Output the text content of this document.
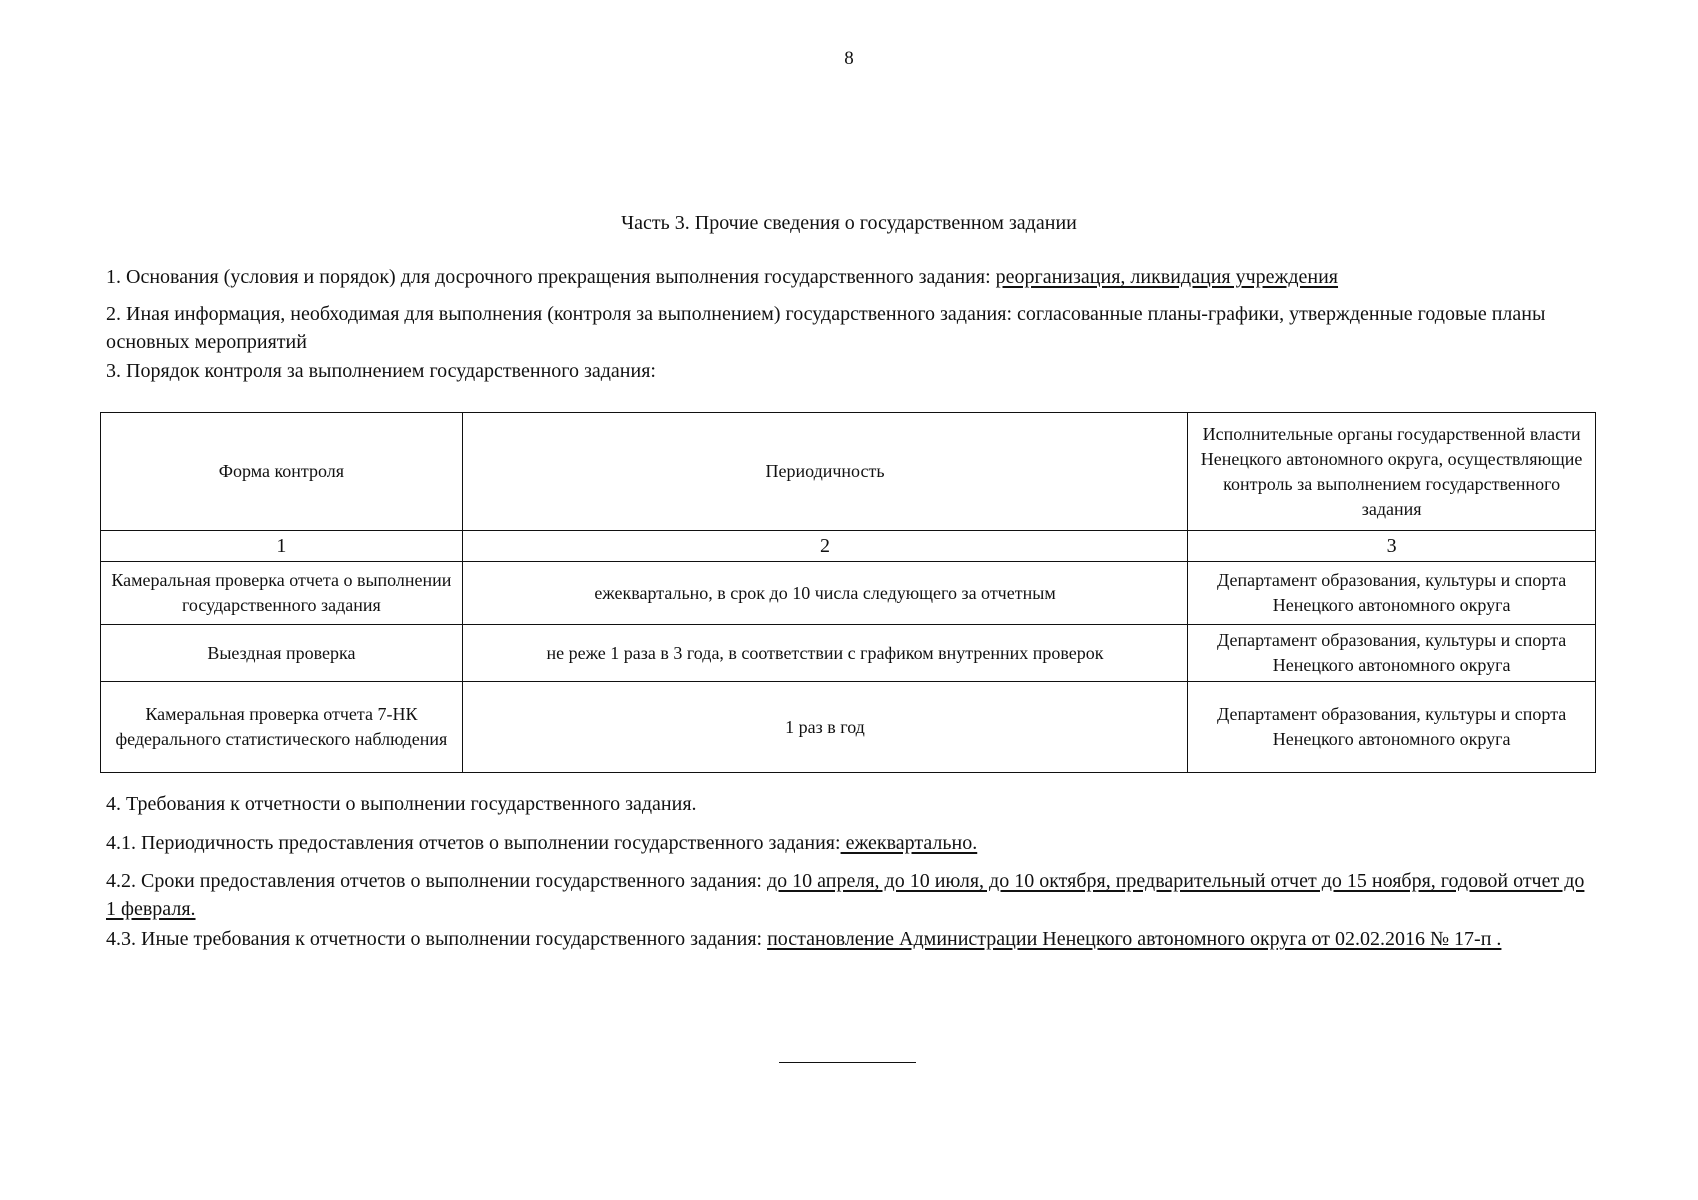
8
Часть 3. Прочие сведения о государственном задании
1. Основания (условия и порядок) для досрочного прекращения выполнения государственного задания: реорганизация, ликвидация учреждения
2. Иная информация, необходимая для выполнения (контроля за выполнением) государственного задания: согласованные планы-графики, утвержденные годовые планы основных мероприятий
3. Порядок контроля за выполнением государственного задания:
Форма контроля	Периодичность	Исполнительные органы государственной власти Ненецкого автономного округа, осуществляющие контроль за выполнением государственного задания
1	2	3
Камеральная проверка отчета о выполнении государственного задания	ежеквартально, в срок до 10 числа следующего за отчетным	Департамент образования, культуры и спорта Ненецкого автономного округа
Выездная проверка	не реже 1 раза в 3 года, в соответствии с графиком внутренних проверок	Департамент образования, культуры и спорта Ненецкого автономного округа
Камеральная проверка отчета 7-НК федерального статистического наблюдения	1 раз в год	Департамент образования, культуры и спорта Ненецкого автономного округа
4. Требования к отчетности о выполнении государственного задания.
4.1. Периодичность предоставления отчетов о выполнении государственного задания: ежеквартально.
4.2. Сроки предоставления отчетов о выполнении государственного задания: до 10 апреля, до 10 июля, до 10 октября, предварительный отчет до 15 ноября, годовой отчет до 1 февраля.
4.3. Иные требования к отчетности о выполнении государственного задания: постановление Администрации Ненецкого автономного округа от 02.02.2016 № 17-п .
